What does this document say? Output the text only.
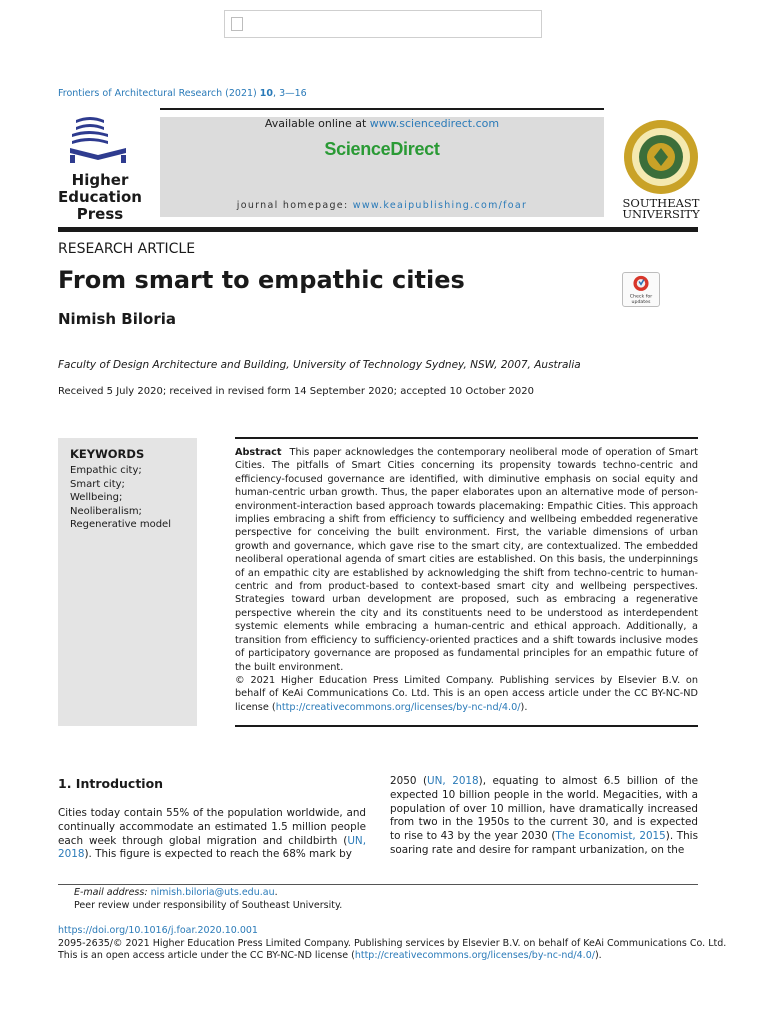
Frontiers of Architectural Research (2021) 10, 3—16
Higher
Education
Press
Available online at www.sciencedirect.com
ScienceDirect
journal homepage: www.keaipublishing.com/foar	SOUTHEAST
UNIVERSITY
RESEARCH ARTICLE
From smart to empathic cities
Check for
updates
Nimish Biloria
Faculty of Design Architecture and Building, University of Technology Sydney, NSW, 2007, Australia
Received 5 July 2020; received in revised form 14 September 2020; accepted 10 October 2020
KEYWORDS
Empathic city;
Smart city;
Wellbeing;
Neoliberalism;
Regenerative model
Abstract This paper acknowledges the contemporary neoliberal mode of operation of Smart Cities. The pitfalls of Smart Cities concerning its propensity towards techno-centric and efficiency-focused governance are identified, with diminutive emphasis on social equity and human-centric urban growth. Thus, the paper elaborates upon an alternative mode of person-environment-interaction based approach towards placemaking: Empathic Cities. This approach implies embracing a shift from efficiency to sufficiency and wellbeing embedded regenerative perspective for conceiving the built environment. First, the variable dimensions of urban growth and governance, which gave rise to the smart city, are contextualized. The embedded neoliberal operational agenda of smart cities are established. On this basis, the underpinnings of an empathic city are established by acknowledging the shift from techno-centric to human-centric and from product-based to context-based smart city and wellbeing perspectives. Strategies toward urban development are proposed, such as embracing a regenerative perspective wherein the city and its constituents need to be understood as interdependent systemic elements while embracing a human-centric and ethical approach. Additionally, a transition from efficiency to sufficiency-oriented practices and a shift towards inclusive modes of participatory governance are proposed as fundamental principles for an empathic future of the built environment.
© 2021 Higher Education Press Limited Company. Publishing services by Elsevier B.V. on behalf of KeAi Communications Co. Ltd. This is an open access article under the CC BY-NC-ND license (http://creativecommons.org/licenses/by-nc-nd/4.0/).
1. Introduction
Cities today contain 55% of the population worldwide, and continually accommodate an estimated 1.5 million people each week through global migration and childbirth (UN, 2018). This figure is expected to reach the 68% mark by
2050 (UN, 2018), equating to almost 6.5 billion of the expected 10 billion people in the world. Megacities, with a population of over 10 million, have dramatically increased from two in the 1950s to the current 30, and is expected to rise to 43 by the year 2030 (The Economist, 2015). This soaring rate and desire for rampant urbanization, on the
E-mail address: nimish.biloria@uts.edu.au.
Peer review under responsibility of Southeast University.
https://doi.org/10.1016/j.foar.2020.10.001
2095-2635/© 2021 Higher Education Press Limited Company. Publishing services by Elsevier B.V. on behalf of KeAi Communications Co. Ltd.
This is an open access article under the CC BY-NC-ND license (http://creativecommons.org/licenses/by-nc-nd/4.0/).
